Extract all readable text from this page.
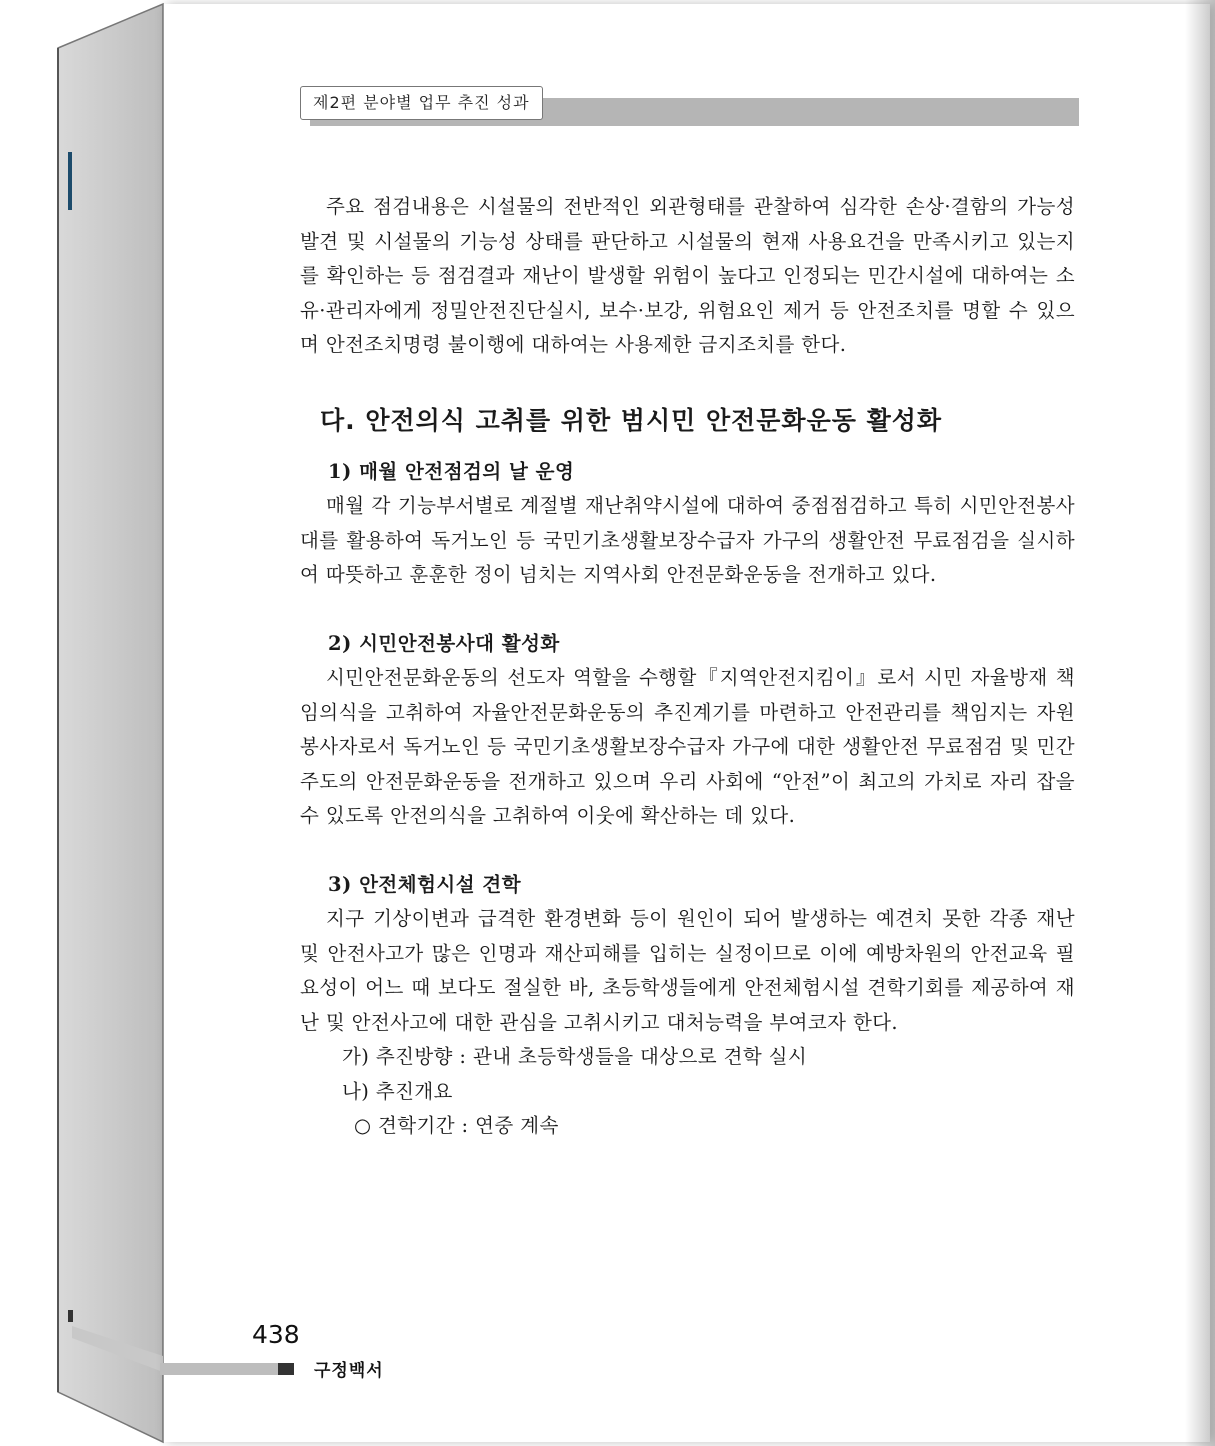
제2편 분야별 업무 추진 성과

주요 점검내용은 시설물의 전반적인 외관형태를 관찰하여 심각한 손상·결함의 가능성 발견 및 시설물의 기능성 상태를 판단하고 시설물의 현재 사용요건을 만족시키고 있는지를 확인하는 등 점검결과 재난이 발생할 위험이 높다고 인정되는 민간시설에 대하여는 소유·관리자에게 정밀안전진단실시, 보수·보강, 위험요인 제거 등 안전조치를 명할 수 있으며 안전조치명령 불이행에 대하여는 사용제한 금지조치를 한다.

다. 안전의식 고취를 위한 범시민 안전문화운동 활성화
1) 매월 안전점검의 날 운영

매월 각 기능부서별로 계절별 재난취약시설에 대하여 중점점검하고 특히 시민안전봉사대를 활용하여 독거노인 등 국민기초생활보장수급자 가구의 생활안전 무료점검을 실시하여 따뜻하고 훈훈한 정이 넘치는 지역사회 안전문화운동을 전개하고 있다.

2) 시민안전봉사대 활성화

시민안전문화운동의 선도자 역할을 수행할『지역안전지킴이』로서 시민 자율방재 책임의식을 고취하여 자율안전문화운동의 추진계기를 마련하고 안전관리를 책임지는 자원봉사자로서 독거노인 등 국민기초생활보장수급자 가구에 대한 생활안전 무료점검 및 민간주도의 안전문화운동을 전개하고 있으며 우리 사회에 “안전”이 최고의 가치로 자리 잡을 수 있도록 안전의식을 고취하여 이웃에 확산하는 데 있다.

3) 안전체험시설 견학

지구 기상이변과 급격한 환경변화 등이 원인이 되어 발생하는 예견치 못한 각종 재난 및 안전사고가 많은 인명과 재산피해를 입히는 실정이므로 이에 예방차원의 안전교육 필요성이 어느 때 보다도 절실한 바, 초등학생들에게 안전체험시설 견학기회를 제공하여 재난 및 안전사고에 대한 관심을 고취시키고 대처능력을 부여코자 한다.

가) 추진방향 : 관내 초등학생들을 대상으로 견학 실시

나) 추진개요

○ 견학기간 : 연중 계속

438
구정백서
